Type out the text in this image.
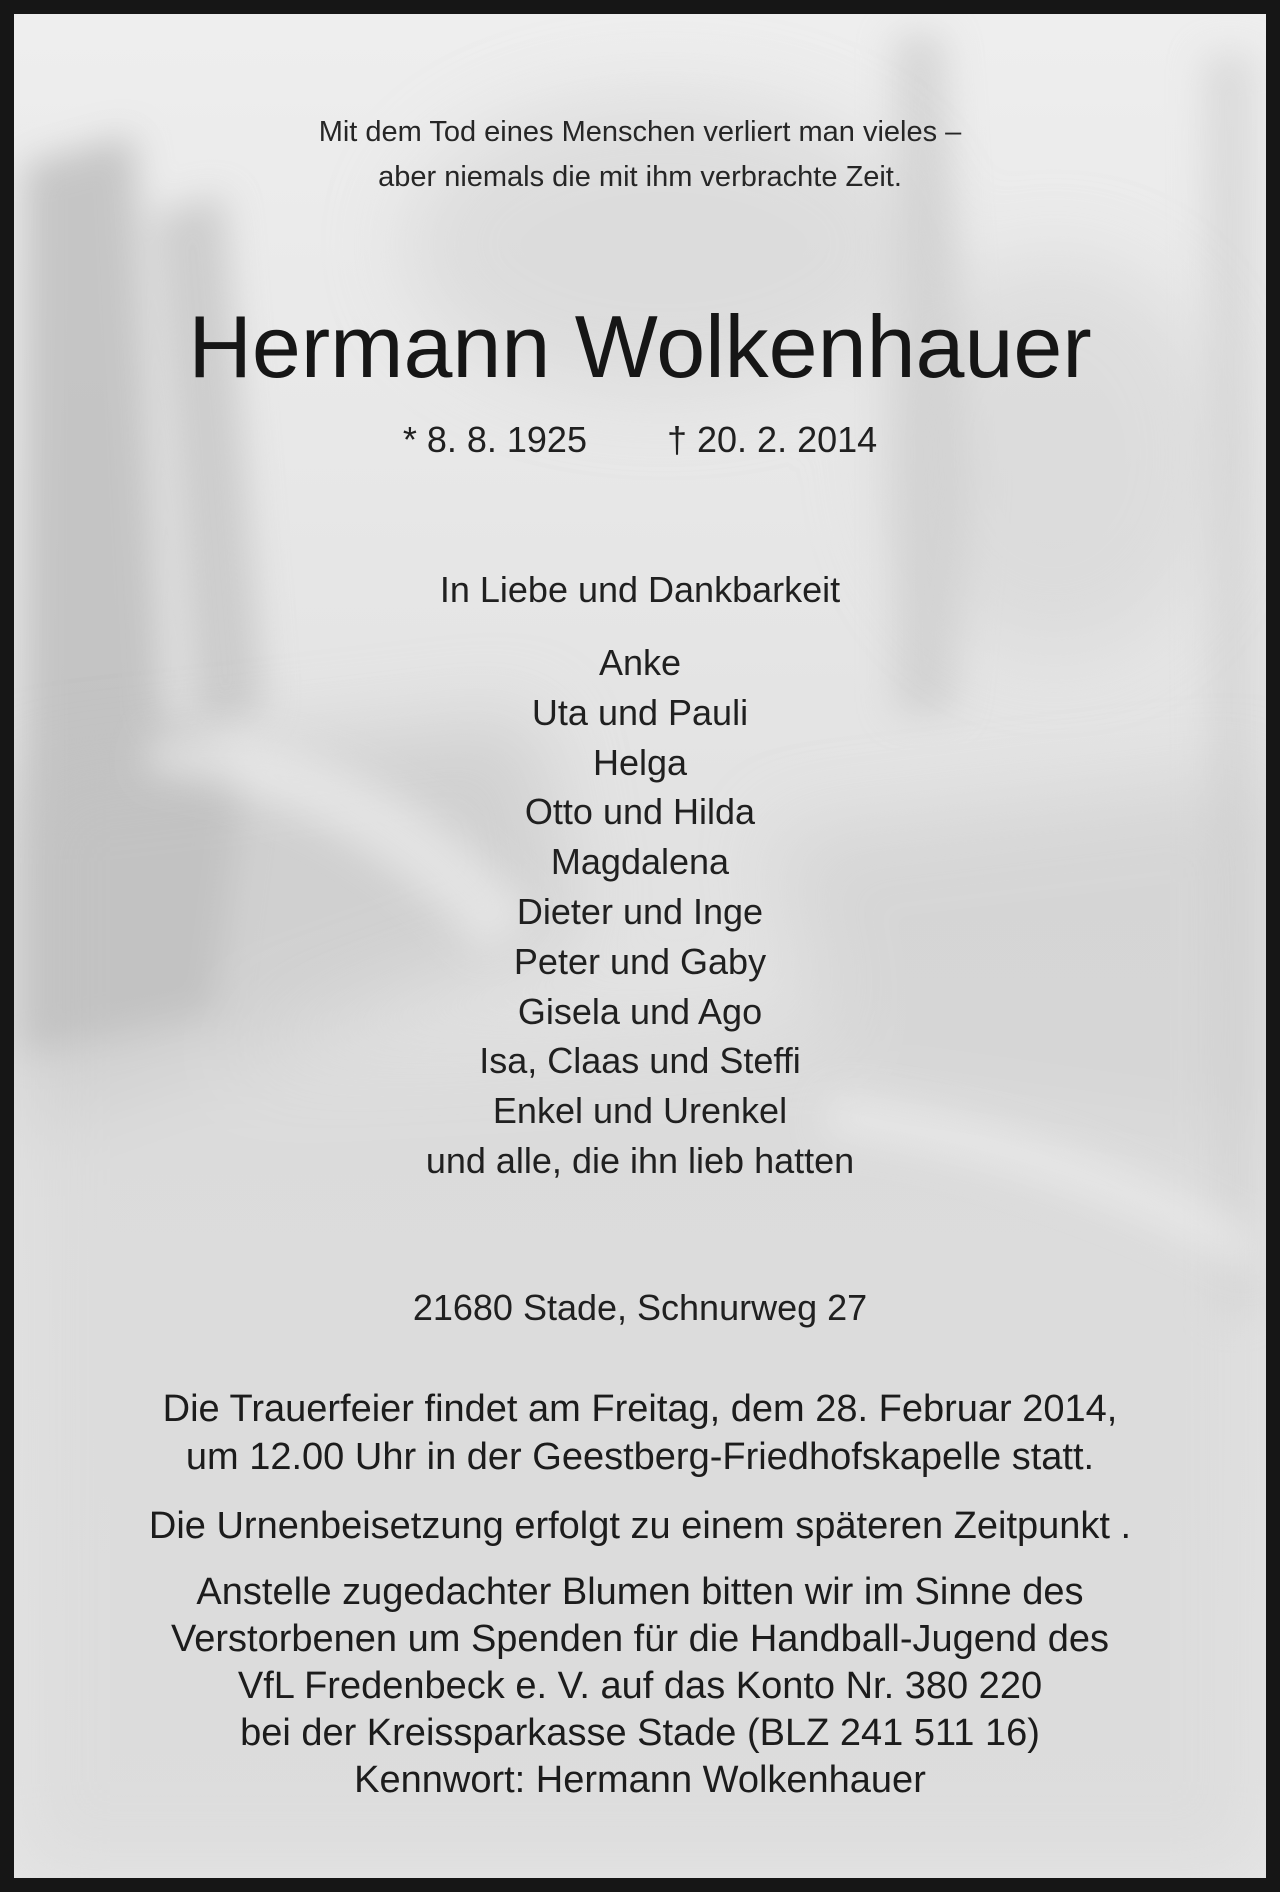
Mit dem Tod eines Menschen verliert man vieles –
aber niemals die mit ihm verbrachte Zeit.
Hermann Wolkenhauer
* 8. 8. 1925 † 20. 2. 2014
In Liebe und Dankbarkeit
Anke
Uta und Pauli
Helga
Otto und Hilda
Magdalena
Dieter und Inge
Peter und Gaby
Gisela und Ago
Isa, Claas und Steffi
Enkel und Urenkel
und alle, die ihn lieb hatten
21680 Stade, Schnurweg 27
Die Trauerfeier findet am Freitag, dem 28. Februar 2014,
um 12.00 Uhr in der Geestberg-Friedhofskapelle statt.
Die Urnenbeisetzung erfolgt zu einem späteren Zeitpunkt .
Anstelle zugedachter Blumen bitten wir im Sinne des
Verstorbenen um Spenden für die Handball-Jugend des
VfL Fredenbeck e. V. auf das Konto Nr. 380 220
bei der Kreissparkasse Stade (BLZ 241 511 16)
Kennwort: Hermann Wolkenhauer
